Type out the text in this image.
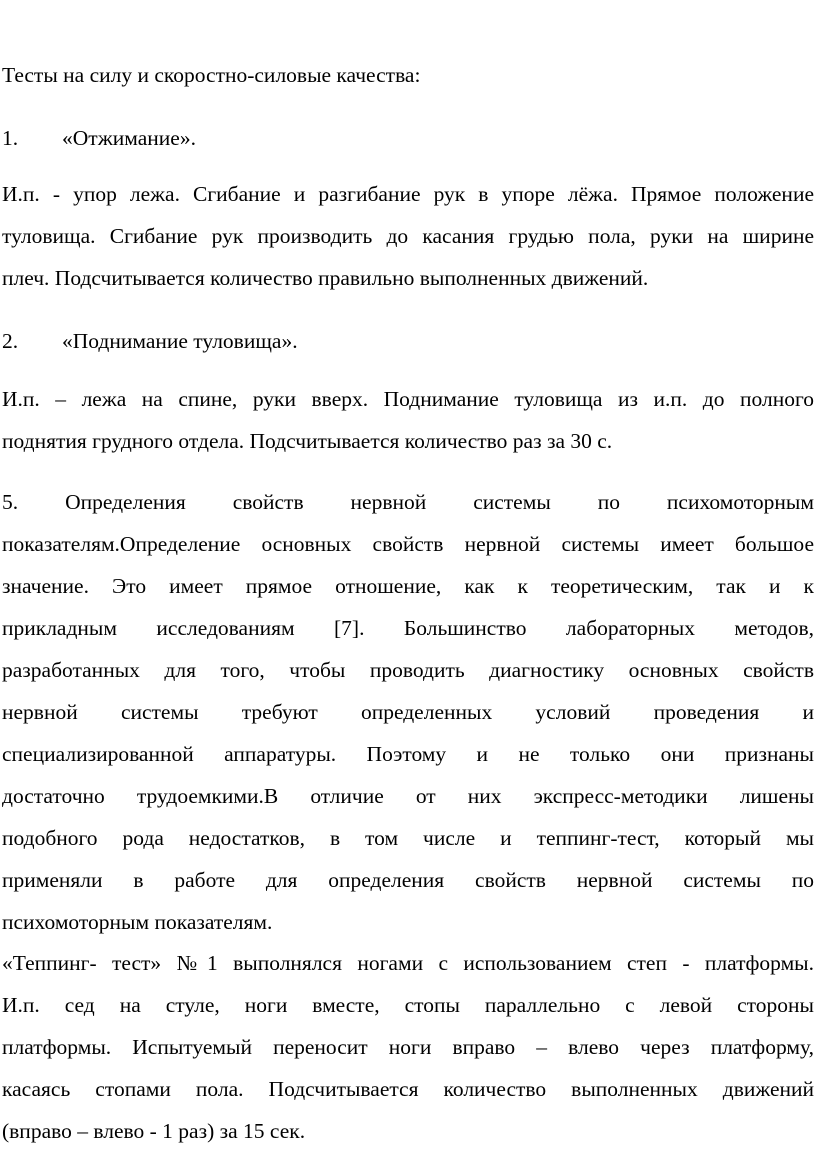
Тесты на силу и скоростно-силовые качества:
1. «Отжимание».
И.п. - упор лежа. Сгибание и разгибание рук в упоре лёжа. Прямое положение
туловища. Сгибание рук производить до касания грудью пола, руки на ширине
плеч. Подсчитывается количество правильно выполненных движений.
2. «Поднимание туловища».
И.п. – лежа на спине, руки вверх. Поднимание туловища из и.п. до полного
поднятия грудного отдела. Подсчитывается количество раз за 30 с.
5. Определения свойств нервной системы по психомоторным
показателям.Определение основных свойств нервной системы имеет большое
значение. Это имеет прямое отношение, как к теоретическим, так и к
прикладным исследованиям [7]. Большинство лабораторных методов,
разработанных для того, чтобы проводить диагностику основных свойств
нервной системы требуют определенных условий проведения и
специализированной аппаратуры. Поэтому и не только они признаны
достаточно трудоемкими.В отличие от них экспресс-методики лишены
подобного рода недостатков, в том числе и теппинг-тест, который мы
применяли в работе для определения свойств нервной системы по
психомоторным показателям.
«Теппинг- тест» №1 выполнялся ногами с использованием степ - платформы.
И.п. сед на стуле, ноги вместе, стопы параллельно с левой стороны
платформы. Испытуемый переносит ноги вправо – влево через платформу,
касаясь стопами пола. Подсчитывается количество выполненных движений
(вправо – влево - 1 раз) за 15 сек.
